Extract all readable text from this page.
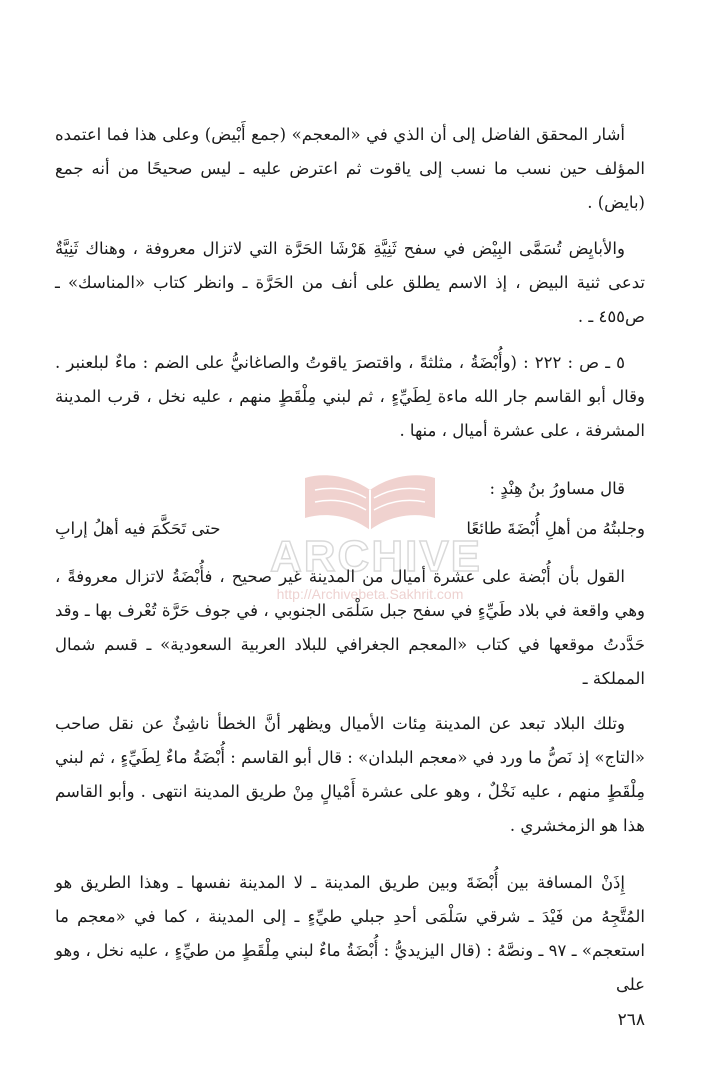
أشار المحقق الفاضل إلى أن الذي في «المعجم» (جمع أَبْيض) وعلى هذا فما اعتمده المؤلف حين نسب ما نسب إلى ياقوت ثم اعترض عليه ـ ليس صحيحًا من أنه جمع (بايض) .

والأبايِض تُسَمَّى البِيْض في سفح ثَنِيَّةِ هَرْشَا الحَرَّة التي لاتزال معروفة ، وهناك ثَنِيَّةٌ تدعى ثنية البيض ، إذ الاسم يطلق على أنف من الحَرَّة ـ وانظر كتاب «المناسك» ـ ص٤٥٥ ـ .

٥ ـ ص : ٢٢٢ : (وأُبْضَةُ ، مثلثةً ، واقتصرَ ياقوتُ والصاغانيُّ على الضم : ماءٌ لبلعنبر . وقال أبو القاسم جار الله ماءة لِطَيِّءٍ ، ثم لبني مِلْقَطٍ منهم ، عليه نخل ، قرب المدينة المشرفة ، على عشرة أميال ، منها .

قال مساورُ بنُ هِنْدٍ :

وجلبتُهُ من أهلِ أُبْضَةَ طائعًا
حتى تَحَكَّمَ فيه أهلُ إرابِ

القول بأن أُبْضة على عشرة أميال من المدينة غير صحيح ، فأُبْضَةُ لاتزال معروفةً ، وهي واقعة في بلاد طَيِّءٍ في سفح جبل سَلْمَى الجنوبي ، في جوف حَرَّة تُعْرف بها ـ وقد حَدَّدتُ موقعها في كتاب «المعجم الجغرافي للبلاد العربية السعودية» ـ قسم شمال المملكة ـ

وتلك البلاد تبعد عن المدينة مِئات الأميال ويظهر أنَّ الخطأ ناشِئٌ عن نقل صاحب «التاج» إذ نَصُّ ما ورد في «معجم البلدان» : قال أبو القاسم : أُبْضَةُ ماءٌ لِطَيِّءٍ ، ثم لبني مِلْقَطٍ منهم ، عليه نَخْلٌ ، وهو على عشرة أَمْيالٍ مِنْ طريق المدينة انتهى . وأبو القاسم هذا هو الزمخشري .

إِذَنْ المسافة بين أُبْضَةَ وبين طريق المدينة ـ لا المدينة نفسها ـ وهذا الطريق هو المُتَّجِهُ من فَيْدَ ـ شرقي سَلْمَى أحدِ جبلي طيِّءٍ ـ إلى المدينة ، كما في «معجم ما استعجم» ـ ٩٧ ـ ونصَّهُ : (قال اليزيديُّ : أُبْضَةُ ماءٌ لبني مِلْقَطٍ من طيِّءٍ ، عليه نخل ، وهو على

٢٦٨
ARCHIVE
http://Archivebeta.Sakhrit.com
